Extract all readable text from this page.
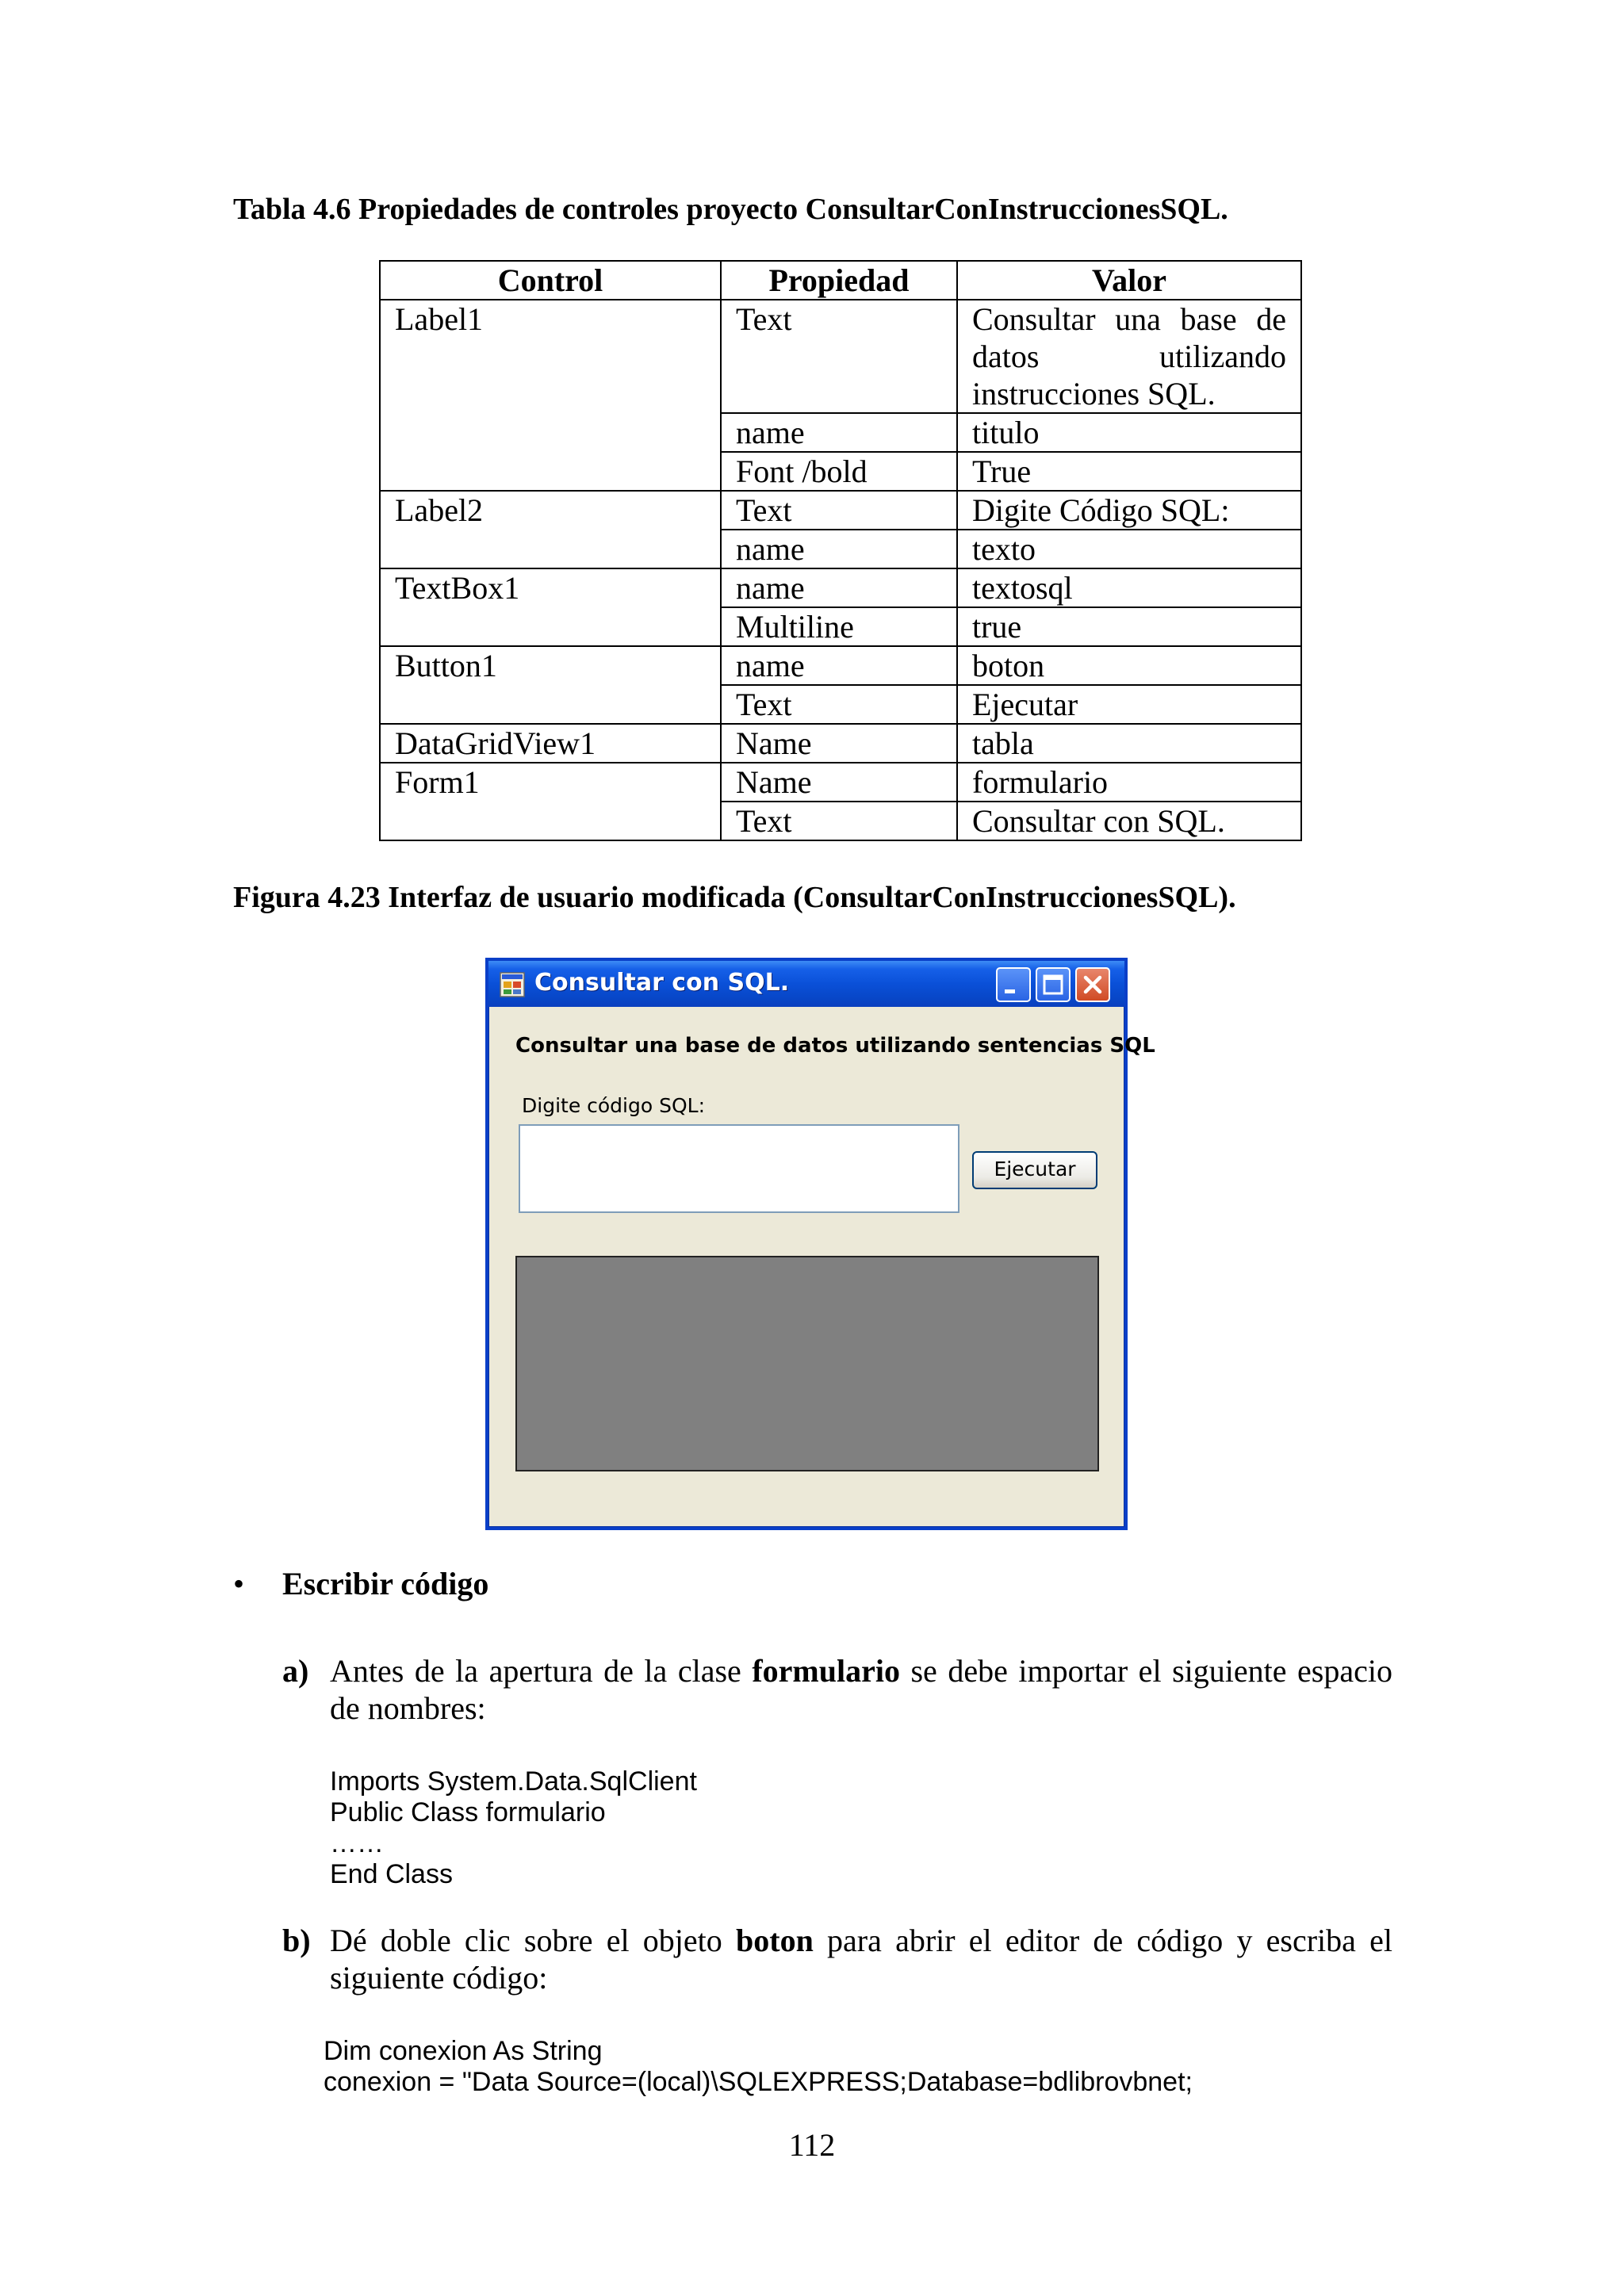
Tabla 4.6 Propiedades de controles proyecto ConsultarConInstruccionesSQL.
Control	Propiedad	Valor
Label1	Text	Consultar una base de datos utilizando instrucciones SQL.
	name	titulo
	Font /bold	True
Label2	Text	Digite Código SQL:
	name	texto
TextBox1	name	textosql
	Multiline	true
Button1	name	boton
	Text	Ejecutar
DataGridView1	Name	tabla
Form1	Name	formulario
	Text	Consultar con SQL.
Figura 4.23 Interfaz de usuario modificada (ConsultarConInstruccionesSQL).
Consultar con SQL.
Consultar una base de datos utilizando sentencias SQL
Digite código SQL:
Ejecutar
• Escribir código
a) Antes de la apertura de la clase formulario se debe importar el siguiente espacio de nombres:
Imports System.Data.SqlClient
Public Class formulario
……
End Class
b) Dé doble clic sobre el objeto boton para abrir el editor de código y escriba el siguiente código:
Dim conexion As String
conexion = "Data Source=(local)\SQLEXPRESS;Database=bdlibrovbnet;
112
